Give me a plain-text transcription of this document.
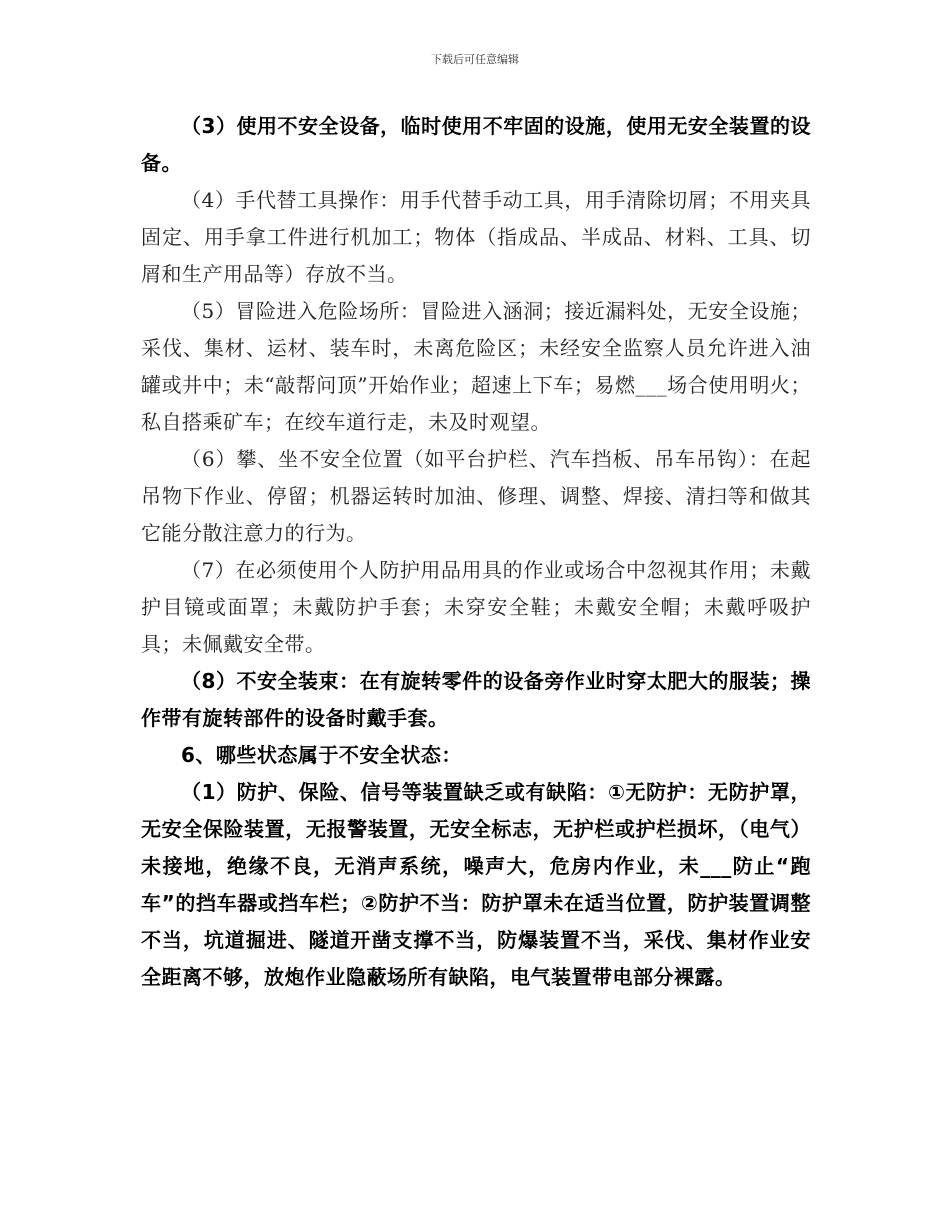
下载后可任意编辑

（3）使用不安全设备，临时使用不牢固的设施，使用无安全装置的设备。

（4）手代替工具操作：用手代替手动工具，用手清除切屑；不用夹具固定、用手拿工件进行机加工；物体（指成品、半成品、材料、工具、切屑和生产用品等）存放不当。

（5）冒险进入危险场所：冒险进入涵洞；接近漏料处，无安全设施；采伐、集材、运材、装车时，未离危险区；未经安全监察人员允许进入油罐或井中；未“敲帮问顶”开始作业；超速上下车；易燃___场合使用明火；私自搭乘矿车；在绞车道行走，未及时观望。

（6）攀、坐不安全位置（如平台护栏、汽车挡板、吊车吊钩）：在起吊物下作业、停留；机器运转时加油、修理、调整、焊接、清扫等和做其它能分散注意力的行为。

（7）在必须使用个人防护用品用具的作业或场合中忽视其作用；未戴护目镜或面罩；未戴防护手套；未穿安全鞋；未戴安全帽；未戴呼吸护具；未佩戴安全带。

（8）不安全装束：在有旋转零件的设备旁作业时穿太肥大的服装；操作带有旋转部件的设备时戴手套。

6、哪些状态属于不安全状态：

（1）防护、保险、信号等装置缺乏或有缺陷：①无防护：无防护罩，无安全保险装置，无报警装置，无安全标志，无护栏或护栏损坏，（电气）未接地，绝缘不良，无消声系统，噪声大，危房内作业，未___防止“跑车”的挡车器或挡车栏；②防护不当：防护罩未在适当位置，防护装置调整不当，坑道掘进、隧道开凿支撑不当，防爆装置不当，采伐、集材作业安全距离不够，放炮作业隐蔽场所有缺陷，电气装置带电部分裸露。
